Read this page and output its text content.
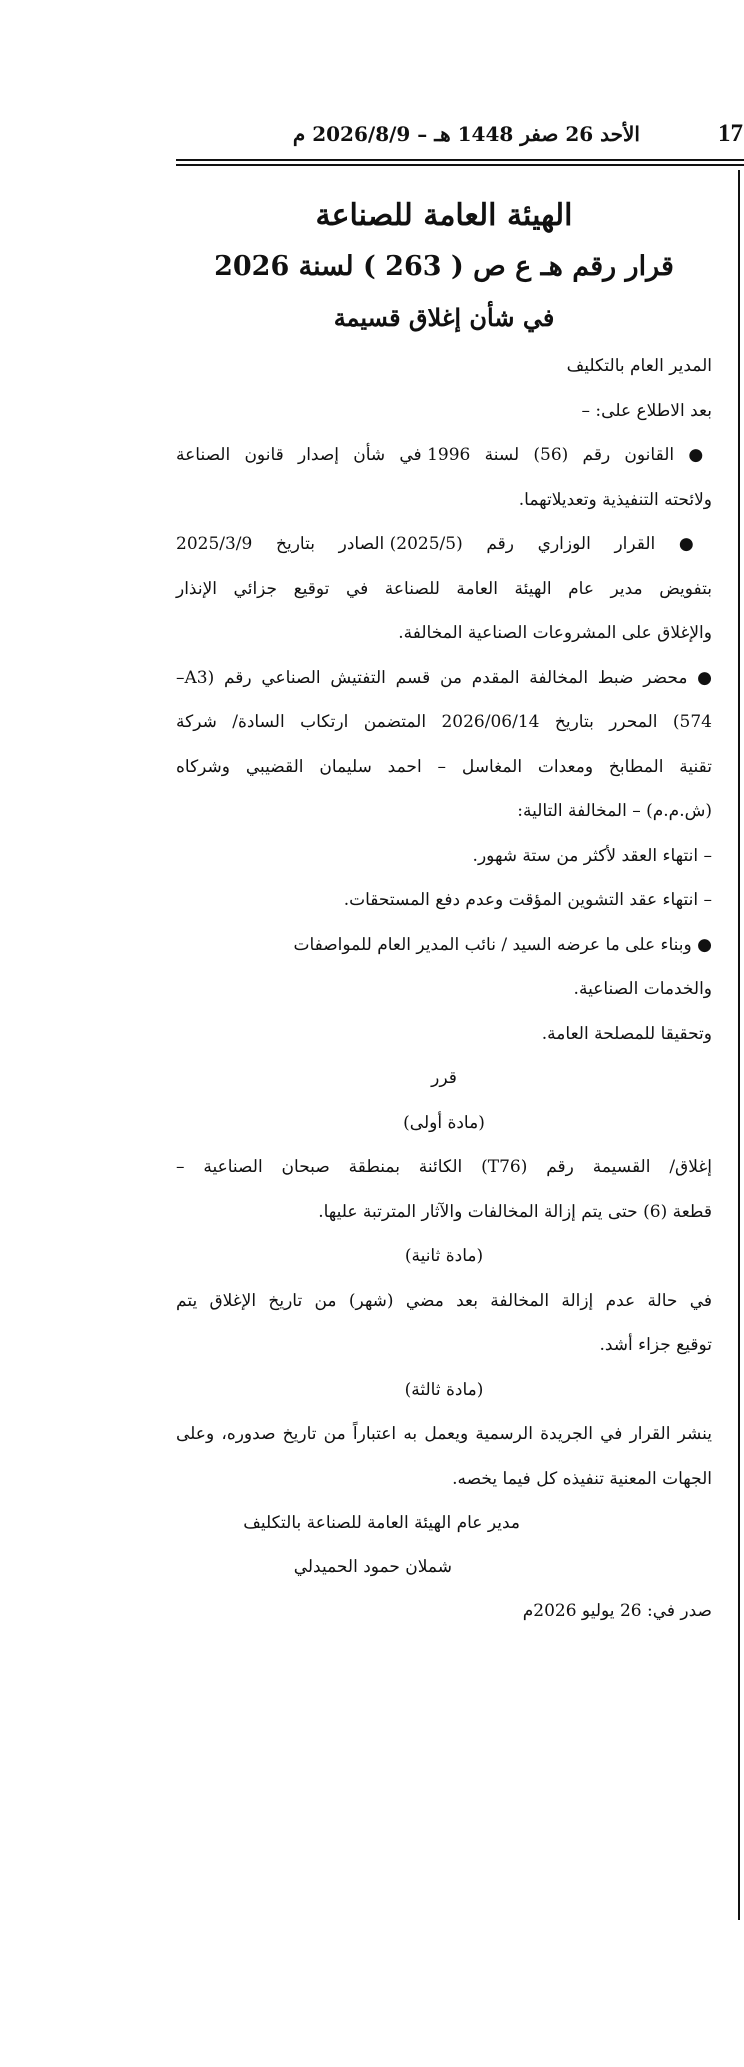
17
الأحد 26 صفر 1448 هـ – 2026/8/9 م
الهيئة العامة للصناعة
قرار رقم هـ ع ص ( 263 ) لسنة 2026
في شأن إغلاق قسيمة
المدير العام بالتكليف
بعد الاطلاع على: –
● القانون رقم (56) لسنة 1996 في شأن إصدار قانون الصناعة
ولائحته التنفيذية وتعديلاتهما.
● القرار الوزاري رقم (2025/5) الصادر بتاريخ 2025/3/9
بتفويض مدير عام الهيئة العامة للصناعة في توقيع جزائي الإنذار
والإغلاق على المشروعات الصناعية المخالفة.
● محضر ضبط المخالفة المقدم من قسم التفتيش الصناعي رقم (A3–
574) المحرر بتاريخ 2026/06/14 المتضمن ارتكاب السادة/ شركة
تقنية المطابخ ومعدات المغاسل – احمد سليمان القضيبي وشركاه
(ش.م.م) – المخالفة التالية:
– انتهاء العقد لأكثر من ستة شهور.
– انتهاء عقد التشوين المؤقت وعدم دفع المستحقات.
● وبناء على ما عرضه السيد / نائب المدير العام للمواصفات
والخدمات الصناعية.
وتحقيقا للمصلحة العامة.
قرر
(مادة أولى)
إغلاق/ القسيمة رقم (T76) الكائنة بمنطقة صبحان الصناعية –
قطعة (6) حتى يتم إزالة المخالفات والآثار المترتبة عليها.
(مادة ثانية)
في حالة عدم إزالة المخالفة بعد مضي (شهر) من تاريخ الإغلاق يتم
توقيع جزاء أشد.
(مادة ثالثة)
ينشر القرار في الجريدة الرسمية ويعمل به اعتباراً من تاريخ صدوره، وعلى
الجهات المعنية تنفيذه كل فيما يخصه.
مدير عام الهيئة العامة للصناعة بالتكليف
شملان حمود الحميدلي
صدر في: 26 يوليو 2026م
